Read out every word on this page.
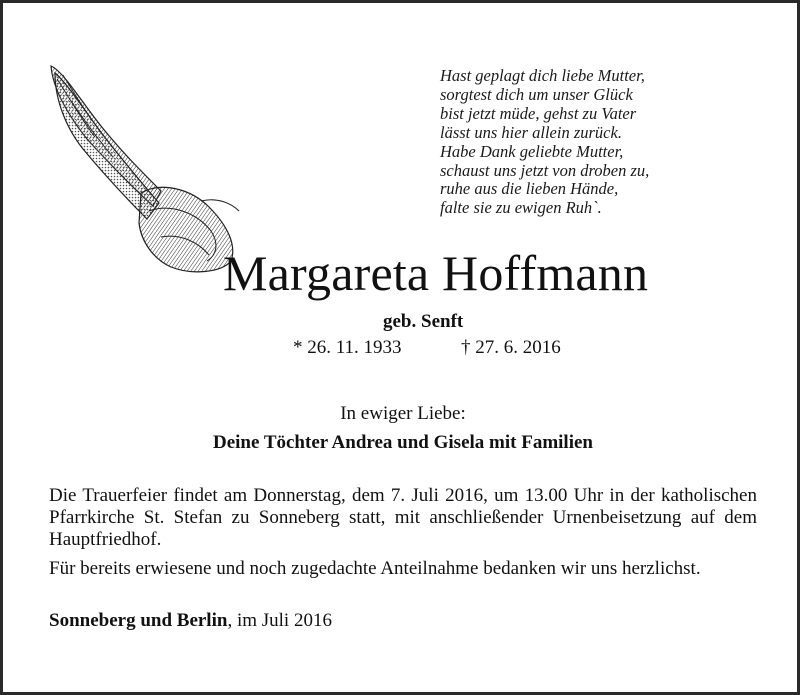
Hast geplagt dich liebe Mutter,
sorgtest dich um unser Glück
bist jetzt müde, gehst zu Vater
lässt uns hier allein zurück.
Habe Dank geliebte Mutter,
schaust uns jetzt von droben zu,
ruhe aus die lieben Hände,
falte sie zu ewigen Ruh`.
Margareta Hoffmann
geb. Senft
* 26. 11. 1933	† 27. 6. 2016
In ewiger Liebe:
Deine Töchter Andrea und Gisela mit Familien

Die Trauerfeier findet am Donnerstag, dem 7. Juli 2016, um 13.00 Uhr in der katholischen Pfarrkirche St. Stefan zu Sonneberg statt, mit anschließender Urnenbeisetzung auf dem Hauptfriedhof.

Für bereits erwiesene und noch zugedachte Anteilnahme bedanken wir uns herzlichst.

Sonneberg und Berlin, im Juli 2016
